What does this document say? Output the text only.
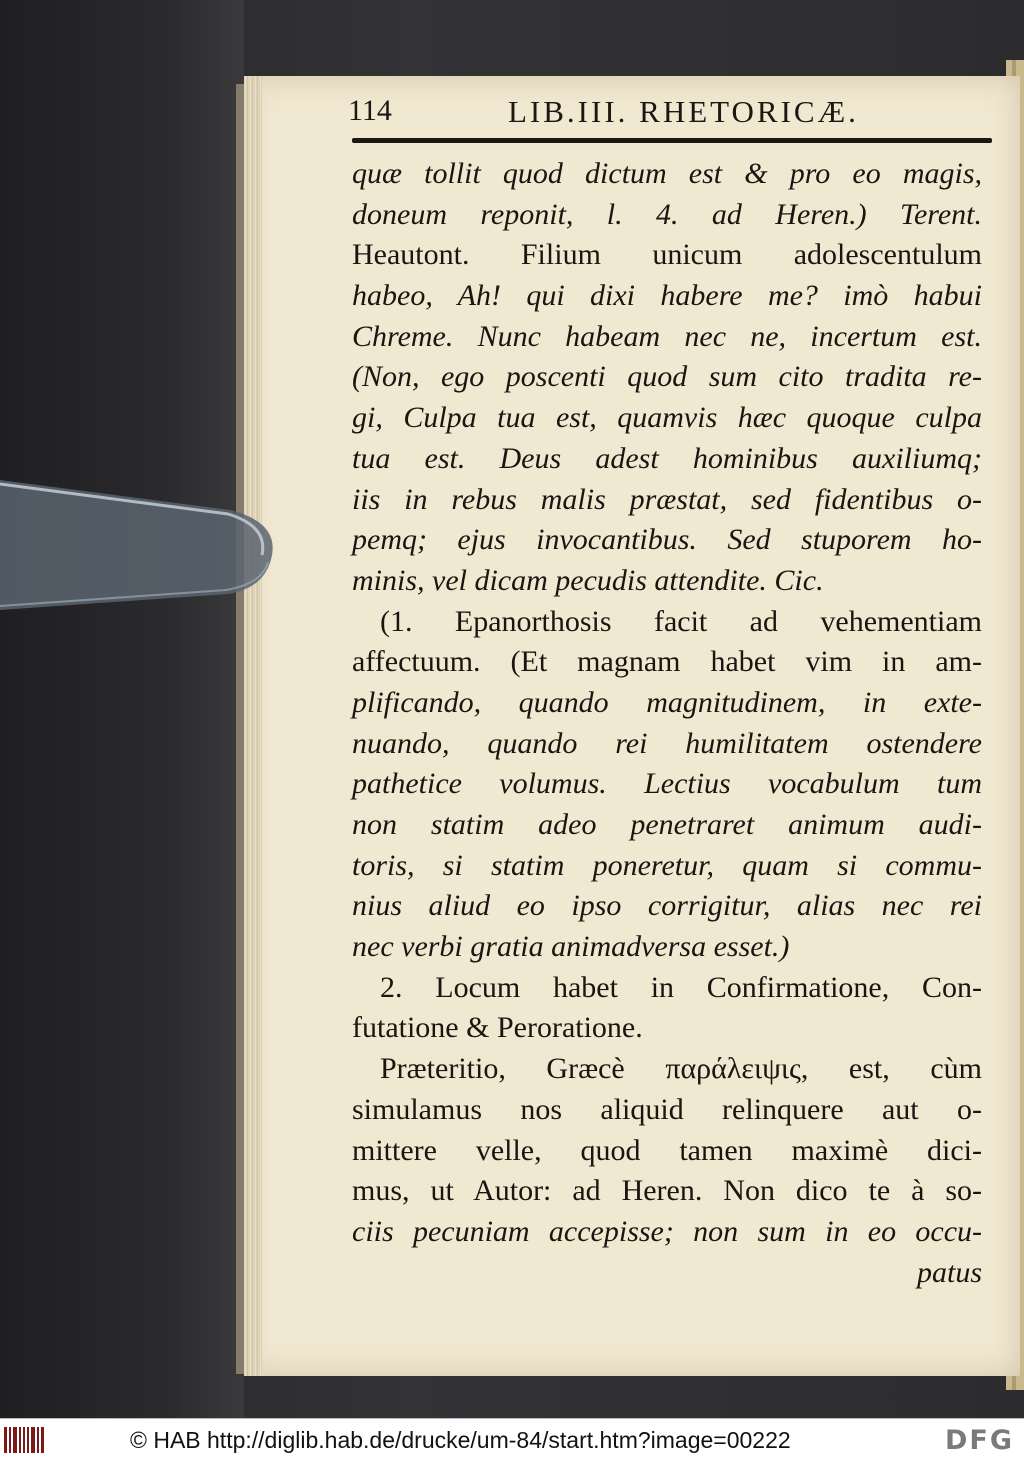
114	LIB.III. RHETORICÆ.
quæ tollit quod dictum est & pro eo magis,
doneum reponit, l. 4. ad Heren.) Terent.
Heautont. Filium unicum adolescentulum
habeo, Ah! qui dixi habere me? imò habui
Chreme. Nunc habeam nec ne, incertum est.
(Non, ego poscenti quod sum cito tradita re-
gi, Culpa tua est, quamvis hæc quoque culpa
tua est. Deus adest hominibus auxiliumq;
iis in rebus malis præstat, sed fidentibus o-
pemq; ejus invocantibus. Sed stuporem ho-
minis, vel dicam pecudis attendite. Cic.
(1. Epanorthosis facit ad vehementiam
affectuum. (Et magnam habet vim in am-
plificando, quando magnitudinem, in exte-
nuando, quando rei humilitatem ostendere
pathetice volumus. Lectius vocabulum tum
non statim adeo penetraret animum audi-
toris, si statim poneretur, quam si commu-
nius aliud eo ipso corrigitur, alias nec rei
nec verbi gratia animadversa esset.)
2. Locum habet in Confirmatione, Con-
futatione & Peroratione.
Præteritio, Græcè παράλειψις, est, cùm
simulamus nos aliquid relinquere aut o-
mittere velle, quod tamen maximè dici-
mus, ut Autor: ad Heren. Non dico te à so-
ciis pecuniam accepisse; non sum in eo occu-
patus
© HAB http://diglib.hab.de/drucke/um-84/start.htm?image=00222	DFG
